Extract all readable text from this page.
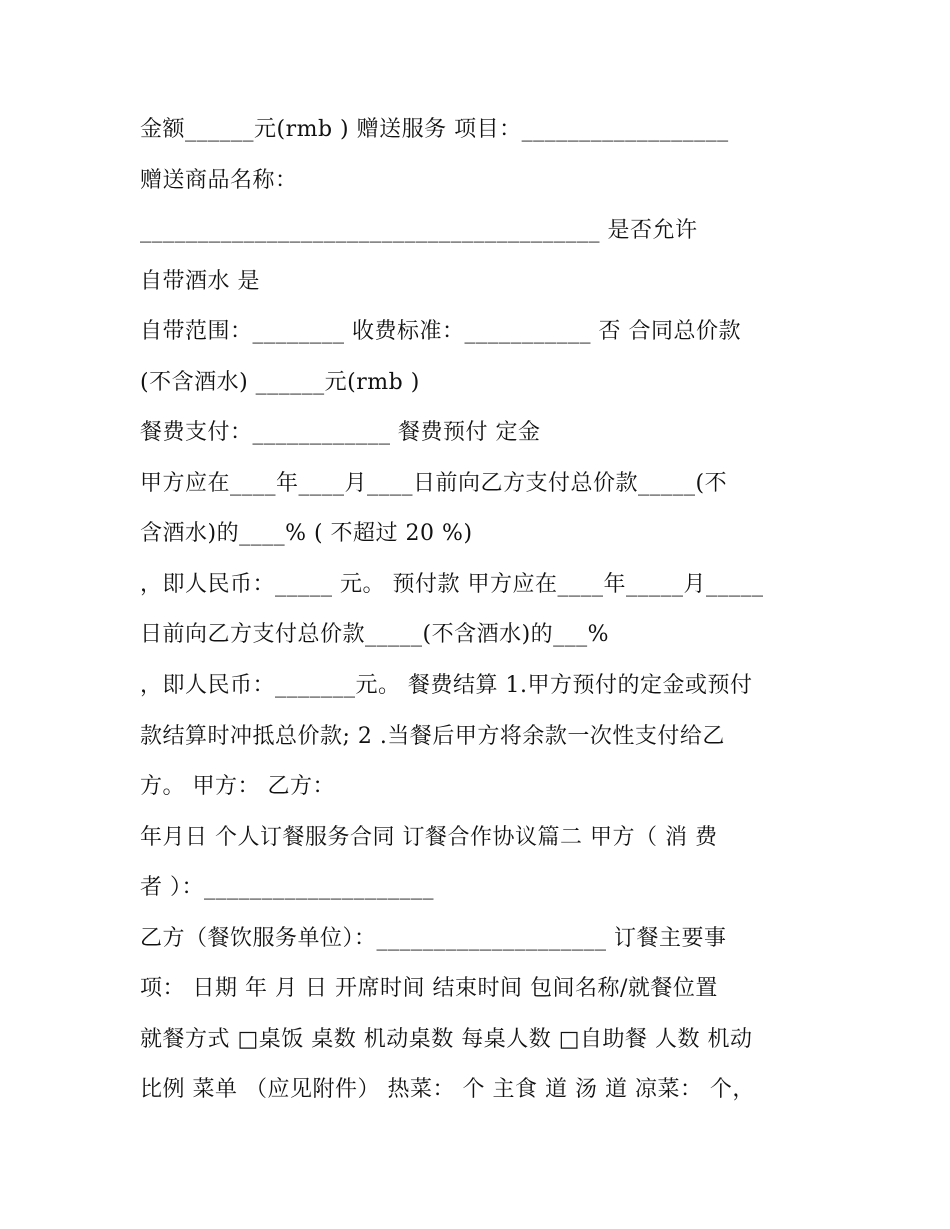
金额______元(rmb ) 赠送服务 项目：__________________
赠送商品名称：
________________________________________ 是否允许
自带酒水 是
自带范围：________ 收费标准：___________ 否 合同总价款
(不含酒水) ______元(rmb )
餐费支付：____________ 餐费预付 定金
甲方应在____年____月____日前向乙方支付总价款_____(不
含酒水)的____% ( 不超过 20 %)
，即人民币：_____ 元。 预付款 甲方应在____年_____月_____
日前向乙方支付总价款_____(不含酒水)的___%
，即人民币：_______元。 餐费结算 1.甲方预付的定金或预付
款结算时冲抵总价款; 2 .当餐后甲方将余款一次性支付给乙
方。 甲方： 乙方：
年月日 个人订餐服务合同 订餐合作协议篇二 甲方（ 消 费
者 ）：____________________
乙方（餐饮服务单位）：____________________ 订餐主要事
项： 日期 年 月 日 开席时间 结束时间 包间名称/就餐位置
就餐方式 □桌饭 桌数 机动桌数 每桌人数 □自助餐 人数 机动
比例 菜单 （应见附件） 热菜： 个 主食 道 汤 道 凉菜： 个，
